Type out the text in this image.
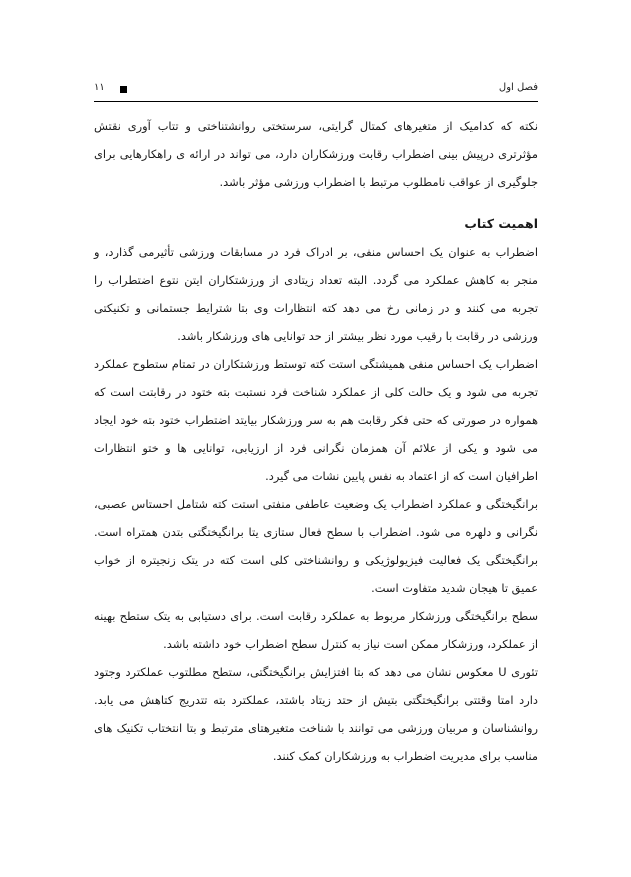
فصل اول
۱۱

نکته که کدامیک از متغیرهای کمتال گرایتی، سرستختی روانشتناختی و تتاب آوری نقتش مؤثرتری درپیش بینی اضطراب رقابت ورزشکاران دارد، می تواند در ارائه ی راهکارهایی برای جلوگیری از عواقب نامطلوب مرتبط با اضطراب ورزشی مؤثر باشد.

اهمیت کتاب

اضطراب به عنوان یک احساس منفی، بر ادراک فرد در مسابقات ورزشی تأثیرمی گذارد، و منجر به کاهش عملکرد می گردد. البته تعداد زیتادی از ورزشتکاران ایتن نتوع اضتطراب را تجربه می کنند و در زمانی رخ می دهد کته انتظارات وی بتا شترایط جستمانی و تکنیکتی ورزشی در رقابت با رقیب مورد نظر بیشتر از حد توانایی های ورزشکار باشد.

اضطراب یک احساس منفی همیشتگی استت کته توستط ورزشتکاران در تمتام ستطوح عملکرد تجربه می شود و یک حالت کلی از عملکرد شناخت فرد نستبت بته ختود در رقابتت است که همواره در صورتی که حتی فکر رقابت هم به سر ورزشکار بیایتد اضتطراب ختود بته خود ایجاد می شود و یکی از علائم آن همزمان نگرانی فرد از ارزیابی، توانایی ها و ختو انتظارات اطرافیان است که از اعتماد به نفس پایین نشات می گیرد.

برانگیختگی و عملکرد اضطراب یک وضعیت عاطفی منفتی استت کته شتامل احستاس عصبی، نگرانی و دلهره می شود. اضطراب با سطح فعال ستازی یتا برانگیختگتی بتدن همتراه است. برانگیختگی یک فعالیت فیزیولوژیکی و روانشناختی کلی است کته در یتک زنجیتره از خواب عمیق تا هیجان شدید متفاوت است.

سطح برانگیختگی ورزشکار مربوط به عملکرد رقابت است. برای دستیابی به یتک ستطح بهینه از عملکرد، ورزشکار ممکن است نیاز به کنترل سطح اضطراب خود داشته باشد.

تئوری U معکوس نشان می دهد که بتا افتزایش برانگیختگتی، ستطح مطلتوب عملکترد وجتود دارد امتا وقتتی برانگیختگتی بتیش از حتد زیتاد باشتد، عملکترد بته تتدریج کتاهش می یابد. روانشناسان و مربیان ورزشی می توانند با شناخت متغیرهتای مترتبط و بتا انتختاب تکنیک های مناسب برای مدیریت اضطراب به ورزشکاران کمک کنند.
